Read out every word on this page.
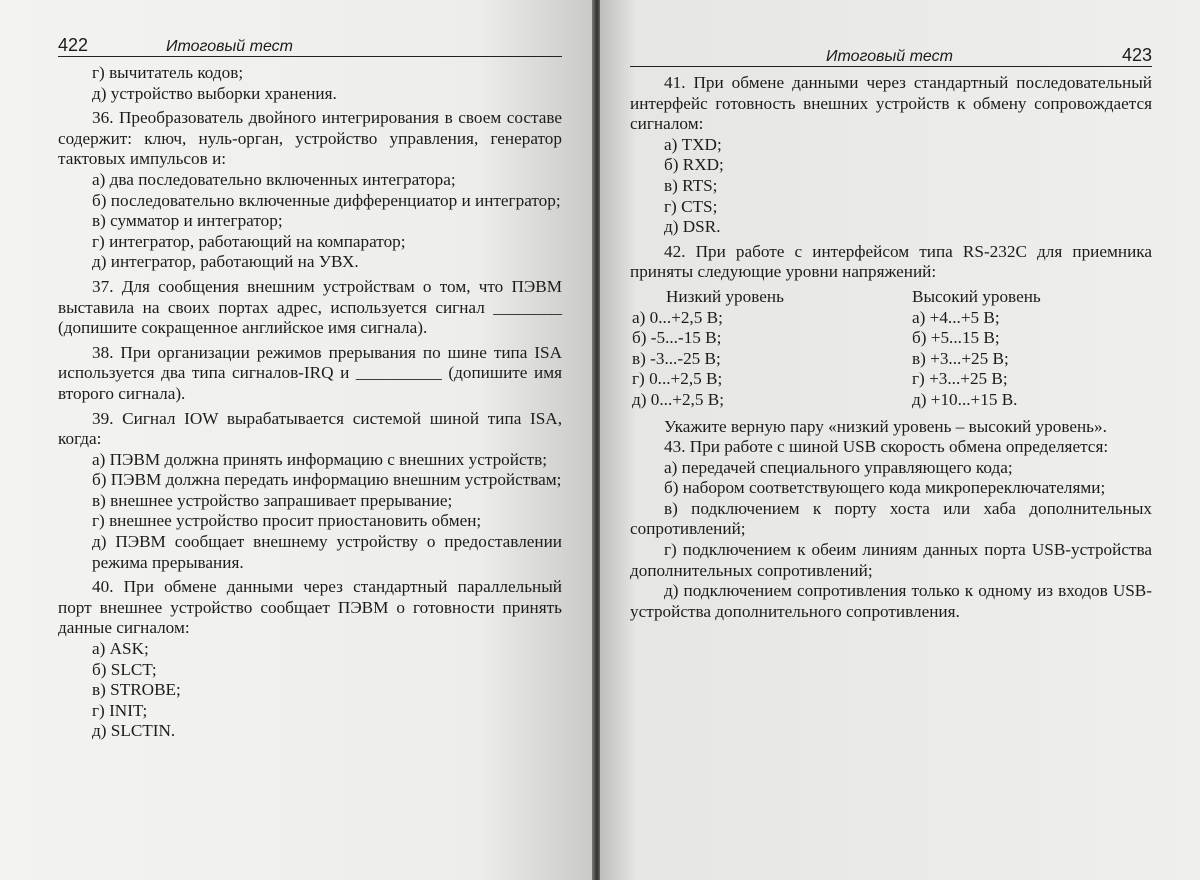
422	Итоговый тест

г) вычитатель кодов;

д) устройство выборки хранения.

36. Преобразователь двойного интегрирования в своем составе содержит: ключ, нуль-орган, устройство управления, генератор тактовых импульсов и:

а) два последовательно включенных интегратора;

б) последовательно включенные дифференциатор и интегратор;

в) сумматор и интегратор;

г) интегратор, работающий на компаратор;

д) интегратор, работающий на УВХ.

37. Для сообщения внешним устройствам о том, что ПЭВМ выставила на своих портах адрес, используется сигнал ________ (допишите сокращенное английское имя сигнала).

38. При организации режимов прерывания по шине типа ISA используется два типа сигналов-IRQ и __________ (допишите имя второго сигнала).

39. Сигнал IOW вырабатывается системой шиной типа ISA, когда:

а) ПЭВМ должна принять информацию с внешних устройств;

б) ПЭВМ должна передать информацию внешним устройствам;

в) внешнее устройство запрашивает прерывание;

г) внешнее устройство просит приостановить обмен;

д) ПЭВМ сообщает внешнему устройству о предоставлении режима прерывания.

40. При обмене данными через стандартный параллельный порт внешнее устройство сообщает ПЭВМ о готовности принять данные сигналом:

а) ASK;

б) SLCT;

в) STROBE;

г) INIT;

д) SLCTIN.

Итоговый тест	423

41. При обмене данными через стандартный последовательный интерфейс готовность внешних устройств к обмену сопровождается сигналом:

а) TXD;

б) RXD;

в) RTS;

г) CTS;

д) DSR.

42. При работе с интерфейсом типа RS-232C для приемника приняты следующие уровни напряжений:

Низкий уровень	Высокий уровень
а) 0...+2,5 В;	а) +4...+5 В;
б) -5...-15 В;	б) +5...15 В;
в) -3...-25 В;	в) +3...+25 В;
г) 0...+2,5 В;	г) +3...+25 В;
д) 0...+2,5 В;	д) +10...+15 В.

Укажите верную пару «низкий уровень – высокий уровень».

43. При работе с шиной USB скорость обмена определяется:

а) передачей специального управляющего кода;

б) набором соответствующего кода микропереключателями;

в) подключением к порту хоста или хаба дополнительных сопротивлений;

г) подключением к обеим линиям данных порта USB-устройства дополнительных сопротивлений;

д) подключением сопротивления только к одному из входов USB-устройства дополнительного сопротивления.
